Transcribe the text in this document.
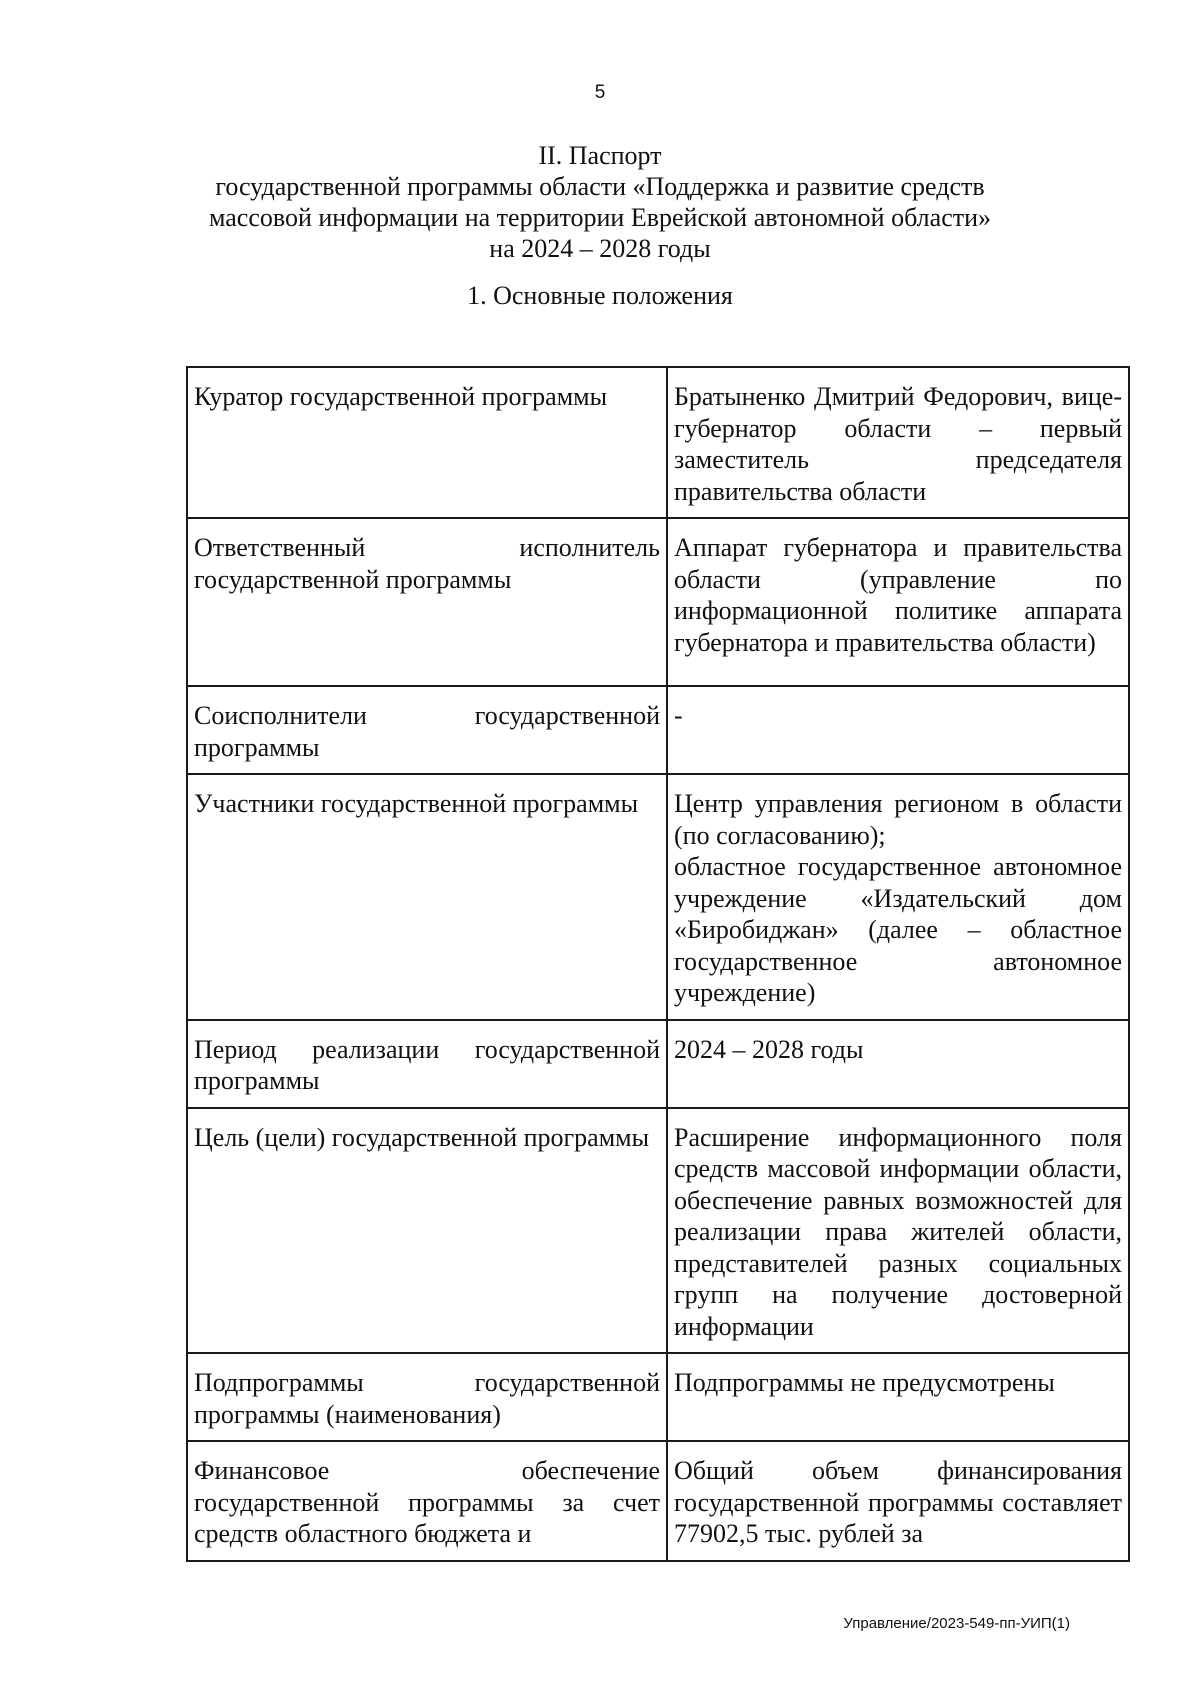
5
II. Паспорт
государственной программы области «Поддержка и развитие средств
массовой информации на территории Еврейской автономной области»
на 2024 – 2028 годы
1. Основные положения
Куратор государственной программы	Братыненко Дмитрий Федорович, вице-губернатор области – первый заместитель председателя правительства области
Ответственный исполнитель государственной программы	Аппарат губернатора и правительства области (управление по информационной политике аппарата губернатора и правительства области)
Соисполнители государственной программы	-
Участники государственной программы	Центр управления регионом в области (по согласованию);
областное государственное автономное учреждение «Издательский дом «Биробиджан» (далее – областное государственное автономное учреждение)

Период реализации государственной программы	2024 – 2028 годы
Цель (цели) государственной программы	Расширение информационного поля средств массовой информации области, обеспечение равных возможностей для реализации права жителей области, представителей разных социальных групп на получение достоверной информации
Подпрограммы государственной программы (наименования)	Подпрограммы не предусмотрены
Финансовое обеспечение государственной программы за счет средств областного бюджета и	Общий объем финансирования государственной программы составляет 77902,5 тыс. рублей за
Управление/2023-549-пп-УИП(1)
